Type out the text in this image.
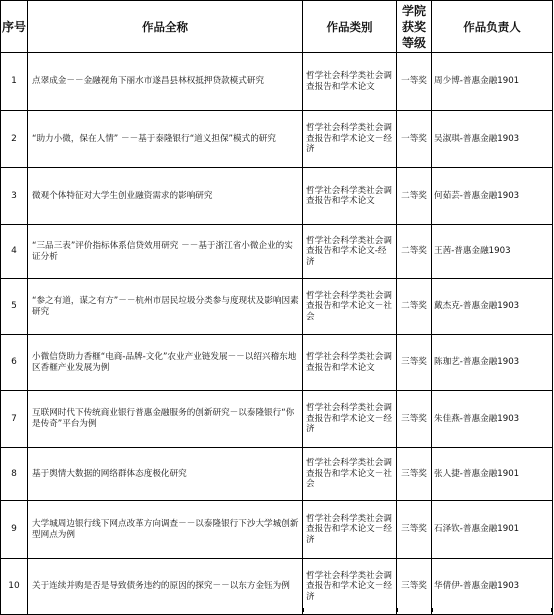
序号	作品全称	作品类别	学院获奖等级	作品负责人
1	点翠成金－－金融视角下丽水市遂昌县林权抵押贷款模式研究	哲学社会科学类社会调查报告和学术论文	一等奖	周少博-普惠金融1901
2	“助力小微，保在人情” －－基于泰隆银行“道义担保”模式的研究	哲学社会科学类社会调查报告和学术论文－经济	一等奖	吴淑琪-普惠金融1903
3	微观个体特征对大学生创业融资需求的影响研究	哲学社会科学类社会调查报告和学术论文	二等奖	何茹芸-普惠金融1903
4	“三品三表”评价指标体系信贷效用研究 －－基于浙江省小微企业的实证分析	哲学社会科学类社会调查报告和学术论文-经济	二等奖	王茜-普惠金融1903
5	“参之有道，谋之有方”－－杭州市居民垃圾分类参与度现状及影响因素研究	哲学社会科学类社会调查报告和学术论文－社会	二等奖	戴杰克-普惠金融1903
6	小微信贷助力香榧“电商-品牌-文化”农业产业链发展－－以绍兴稽东地区香榧产业发展为例	哲学社会科学类社会调查报告和学术论文	三等奖	陈珈艺-普惠金融1903
7	互联网时代下传统商业银行普惠金融服务的创新研究－以泰隆银行“你是传奇”平台为例	哲学社会科学类社会调查报告和学术论文－经济	三等奖	朱佳燕-普惠金融1903
8	基于舆情大数据的网络群体态度极化研究	哲学社会科学类社会调查报告和学术论文－社会	三等奖	张人捷-普惠金融1901
9	大学城周边银行线下网点改革方向调查－－以泰隆银行下沙大学城创新型网点为例	哲学社会科学类社会调查报告和学术论文－经济	三等奖	石泽钦-普惠金融1901
10	关于连续并购是否是导致债务违约的原因的探究－－以东方金钰为例	哲学社会科学类社会调查报告和学术论文－经济	三等奖	华倩伊-普惠金融1903
